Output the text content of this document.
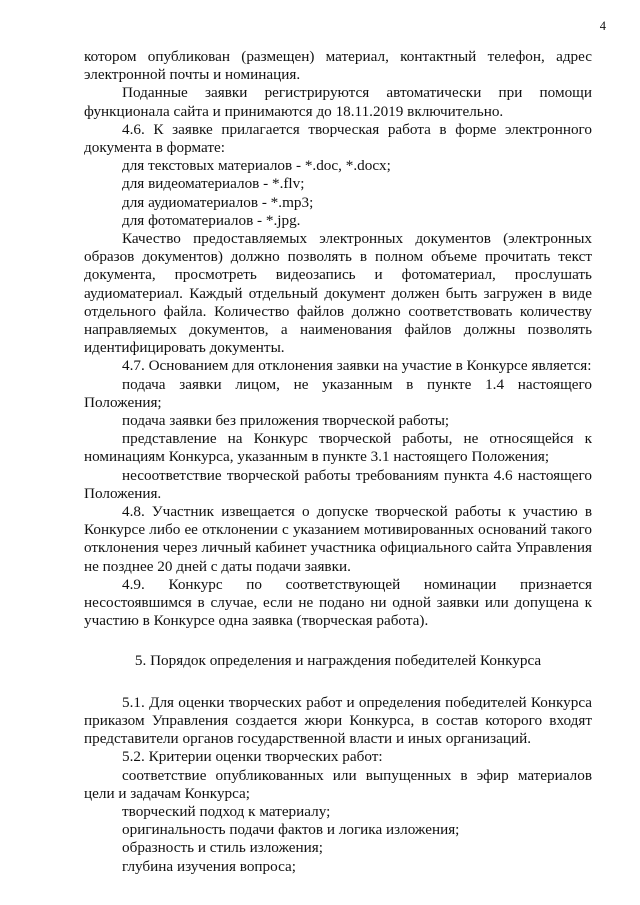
4

котором опубликован (размещен) материал, контактный телефон, адрес электронной почты и номинация.

Поданные заявки регистрируются автоматически при помощи функционала сайта и принимаются до 18.11.2019 включительно.

4.6. К заявке прилагается творческая работа в форме электронного документа в формате:

для текстовых материалов - *.doc, *.docx;

для видеоматериалов - *.flv;

для аудиоматериалов - *.mp3;

для фотоматериалов - *.jpg.

Качество предоставляемых электронных документов (электронных образов документов) должно позволять в полном объеме прочитать текст документа, просмотреть видеозапись и фотоматериал, прослушать аудиоматериал. Каждый отдельный документ должен быть загружен в виде отдельного файла. Количество файлов должно соответствовать количеству направляемых документов, а наименования файлов должны позволять идентифицировать документы.

4.7. Основанием для отклонения заявки на участие в Конкурсе является:

подача заявки лицом, не указанным в пункте 1.4 настоящего Положения;

подача заявки без приложения творческой работы;

представление на Конкурс творческой работы, не относящейся к номинациям Конкурса, указанным в пункте 3.1 настоящего Положения;

несоответствие творческой работы требованиям пункта 4.6 настоящего Положения.

4.8. Участник извещается о допуске творческой работы к участию в Конкурсе либо ее отклонении с указанием мотивированных оснований такого отклонения через личный кабинет участника официального сайта Управления не позднее 20 дней с даты подачи заявки.

4.9. Конкурс по соответствующей номинации признается несостоявшимся в случае, если не подано ни одной заявки или допущена к участию в Конкурсе одна заявка (творческая работа).

5. Порядок определения и награждения победителей Конкурса

5.1. Для оценки творческих работ и определения победителей Конкурса приказом Управления создается жюри Конкурса, в состав которого входят представители органов государственной власти и иных организаций.

5.2. Критерии оценки творческих работ:

соответствие опубликованных или выпущенных в эфир материалов цели и задачам Конкурса;

творческий подход к материалу;

оригинальность подачи фактов и логика изложения;

образность и стиль изложения;

глубина изучения вопроса;
